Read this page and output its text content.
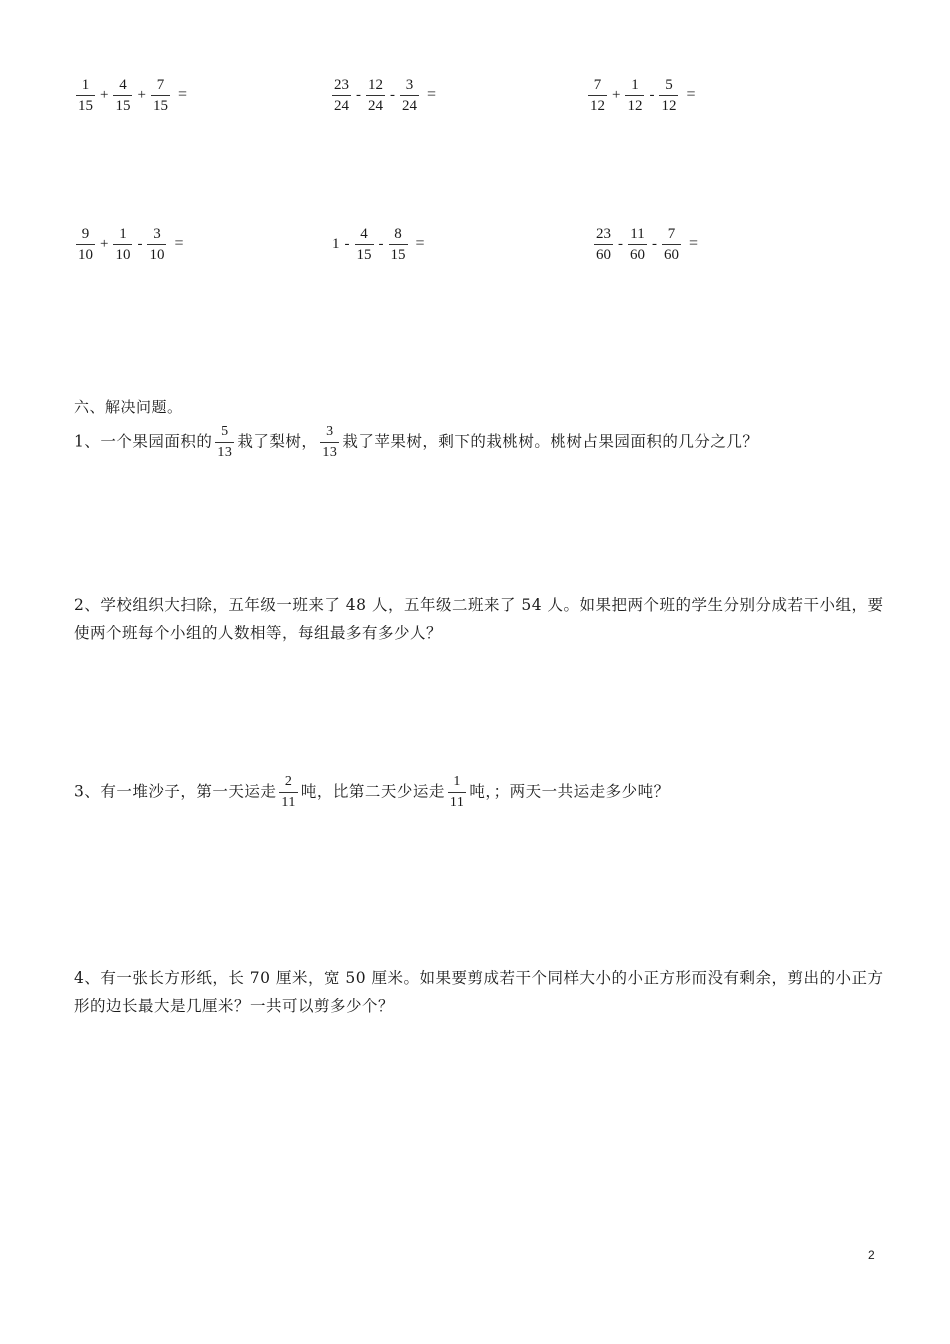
$\frac{1}{15} + \frac{4}{15} + \frac{7}{15}$ =	$\frac{23}{24} - \frac{12}{24} - \frac{3}{24}$ =	$\frac{7}{12} + \frac{1}{12} - \frac{5}{12}$ =
$\frac{9}{10} + \frac{1}{10} - \frac{3}{10}$ =	$1 - \frac{4}{15} - \frac{8}{15}$ =	$\frac{23}{60} - \frac{11}{60} - \frac{7}{60}$ =
六、解决问题。
1、一个果园面积的 $\frac{5}{13}$ 栽了梨树， $\frac{3}{13}$ 栽了苹果树，剩下的栽桃树。桃树占果园面积的几分之几？
2、学校组织大扫除，五年级一班来了 48 人，五年级二班来了 54 人。如果把两个班的学生分别分成若干小组，要使两个班每个小组的人数相等，每组最多有多少人？
3、有一堆沙子，第一天运走 $\frac{2}{11}$ 吨，比第二天少运走 $\frac{1}{11}$ 吨，；两天一共运走多少吨？
4、有一张长方形纸，长 70 厘米，宽 50 厘米。如果要剪成若干个同样大小的小正方形而没有剩余，剪出的小正方形的边长最大是几厘米？一共可以剪多少个？
2
